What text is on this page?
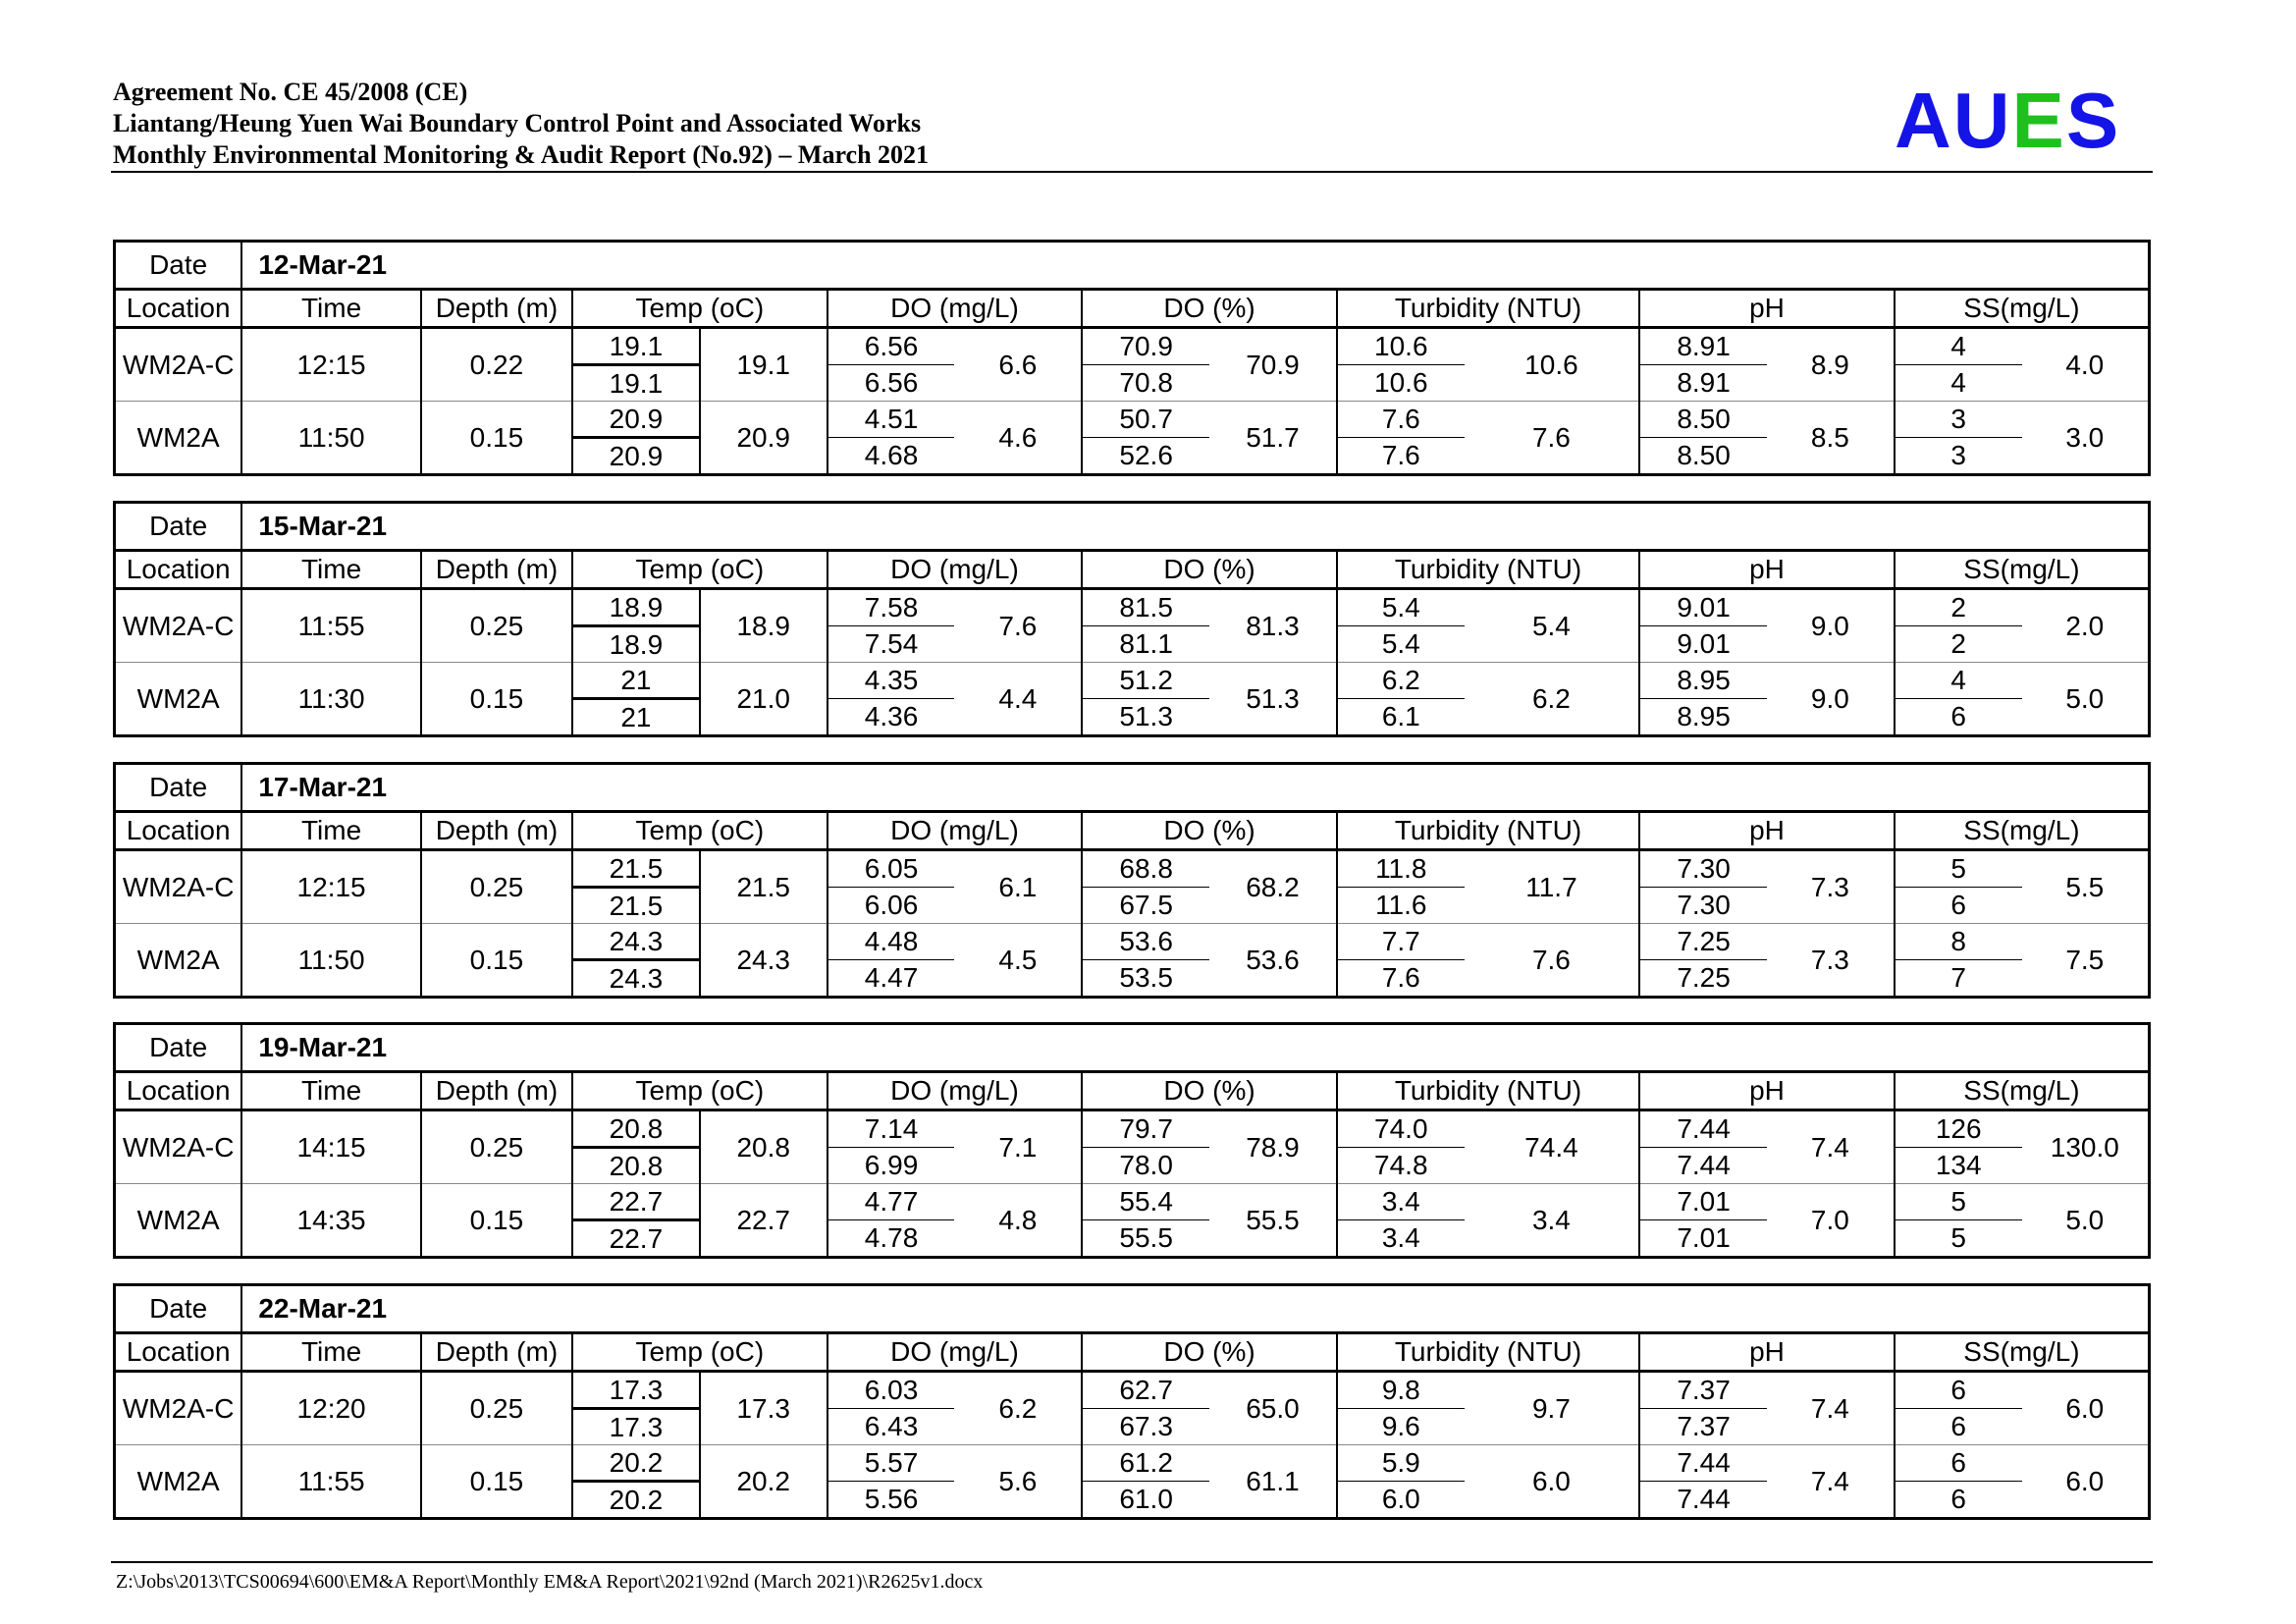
Agreement No. CE 45/2008 (CE)
Liantang/Heung Yuen Wai Boundary Control Point and Associated Works
Monthly Environmental Monitoring & Audit Report (No.92) – March 2021	AUES
Date	12-Mar-21													
Location	Time	Depth (m)	Temp (oC)		DO (mg/L)		DO (%)		Turbidity (NTU)		pH		SS(mg/L)	
WM2A-C	12:15	0.22	19.1	19.1	6.56	6.6	70.9	70.9	10.6	10.6	8.91	8.9	4	4.0
			19.1		6.56		70.8		10.6		8.91		4	
WM2A	11:50	0.15	20.9	20.9	4.51	4.6	50.7	51.7	7.6	7.6	8.50	8.5	3	3.0
			20.9		4.68		52.6		7.6		8.50		3	
Date	15-Mar-21													
Location	Time	Depth (m)	Temp (oC)		DO (mg/L)		DO (%)		Turbidity (NTU)		pH		SS(mg/L)	
WM2A-C	11:55	0.25	18.9	18.9	7.58	7.6	81.5	81.3	5.4	5.4	9.01	9.0	2	2.0
			18.9		7.54		81.1		5.4		9.01		2	
WM2A	11:30	0.15	21	21.0	4.35	4.4	51.2	51.3	6.2	6.2	8.95	9.0	4	5.0
			21		4.36		51.3		6.1		8.95		6	
Date	17-Mar-21													
Location	Time	Depth (m)	Temp (oC)		DO (mg/L)		DO (%)		Turbidity (NTU)		pH		SS(mg/L)	
WM2A-C	12:15	0.25	21.5	21.5	6.05	6.1	68.8	68.2	11.8	11.7	7.30	7.3	5	5.5
			21.5		6.06		67.5		11.6		7.30		6	
WM2A	11:50	0.15	24.3	24.3	4.48	4.5	53.6	53.6	7.7	7.6	7.25	7.3	8	7.5
			24.3		4.47		53.5		7.6		7.25		7	
Date	19-Mar-21													
Location	Time	Depth (m)	Temp (oC)		DO (mg/L)		DO (%)		Turbidity (NTU)		pH		SS(mg/L)	
WM2A-C	14:15	0.25	20.8	20.8	7.14	7.1	79.7	78.9	74.0	74.4	7.44	7.4	126	130.0
			20.8		6.99		78.0		74.8		7.44		134	
WM2A	14:35	0.15	22.7	22.7	4.77	4.8	55.4	55.5	3.4	3.4	7.01	7.0	5	5.0
			22.7		4.78		55.5		3.4		7.01		5	
Date	22-Mar-21													
Location	Time	Depth (m)	Temp (oC)		DO (mg/L)		DO (%)		Turbidity (NTU)		pH		SS(mg/L)	
WM2A-C	12:20	0.25	17.3	17.3	6.03	6.2	62.7	65.0	9.8	9.7	7.37	7.4	6	6.0
			17.3		6.43		67.3		9.6		7.37		6	
WM2A	11:55	0.15	20.2	20.2	5.57	5.6	61.2	61.1	5.9	6.0	7.44	7.4	6	6.0
			20.2		5.56		61.0		6.0		7.44		6	
Z:\Jobs\2013\TCS00694\600\EM&A Report\Monthly EM&A Report\2021\92nd (March 2021)\R2625v1.docx
